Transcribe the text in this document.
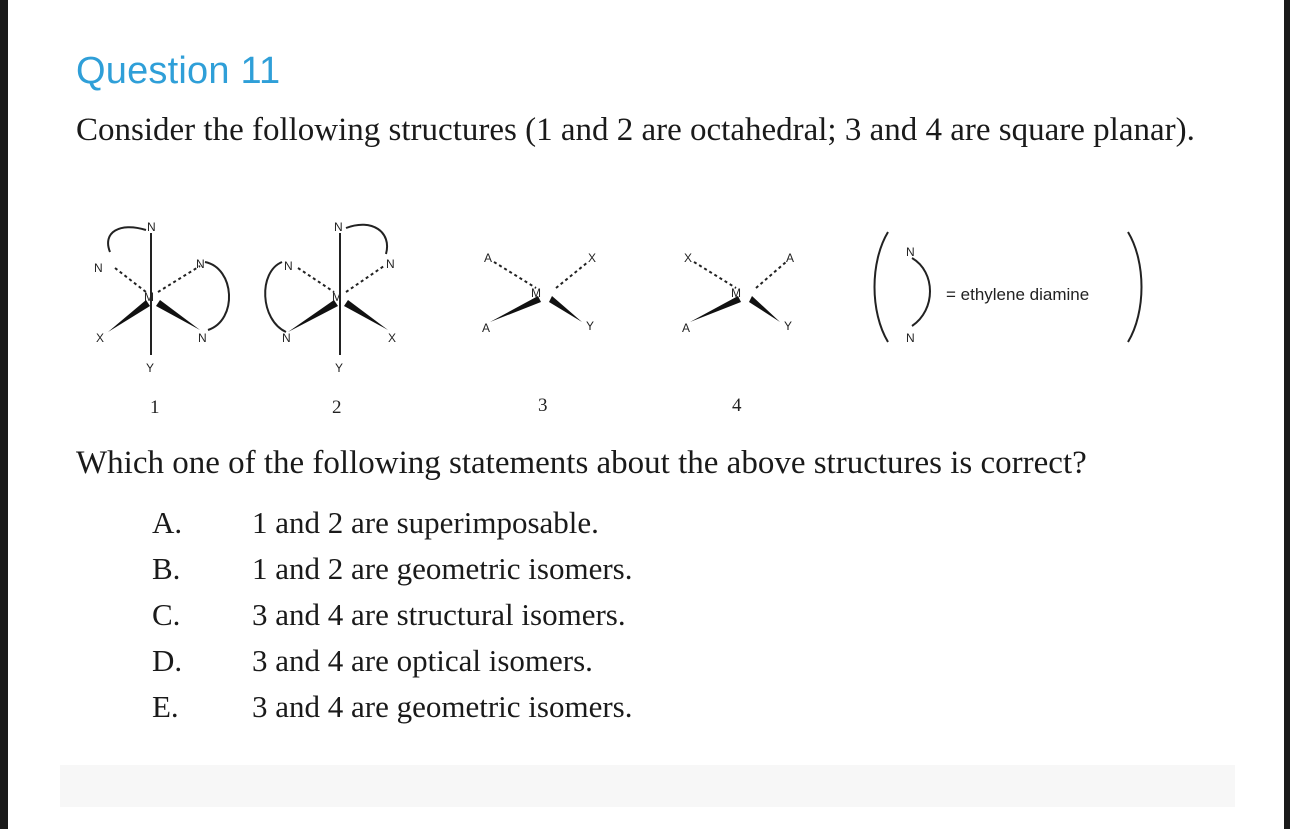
Question 11
Consider the following structures (1 and 2 are octahedral; 3 and 4 are square planar).
N
N	N
N
M
X
Y
1
N
N	N
N
M
X
Y
2
A	X
M
A	Y
3
X	A
M
A	Y
4
N
N
= ethylene diamine
Which one of the following statements about the above structures is correct?
A. 1 and 2 are superimposable.
B. 1 and 2 are geometric isomers.
C. 3 and 4 are structural isomers.
D. 3 and 4 are optical isomers.
E. 3 and 4 are geometric isomers.
